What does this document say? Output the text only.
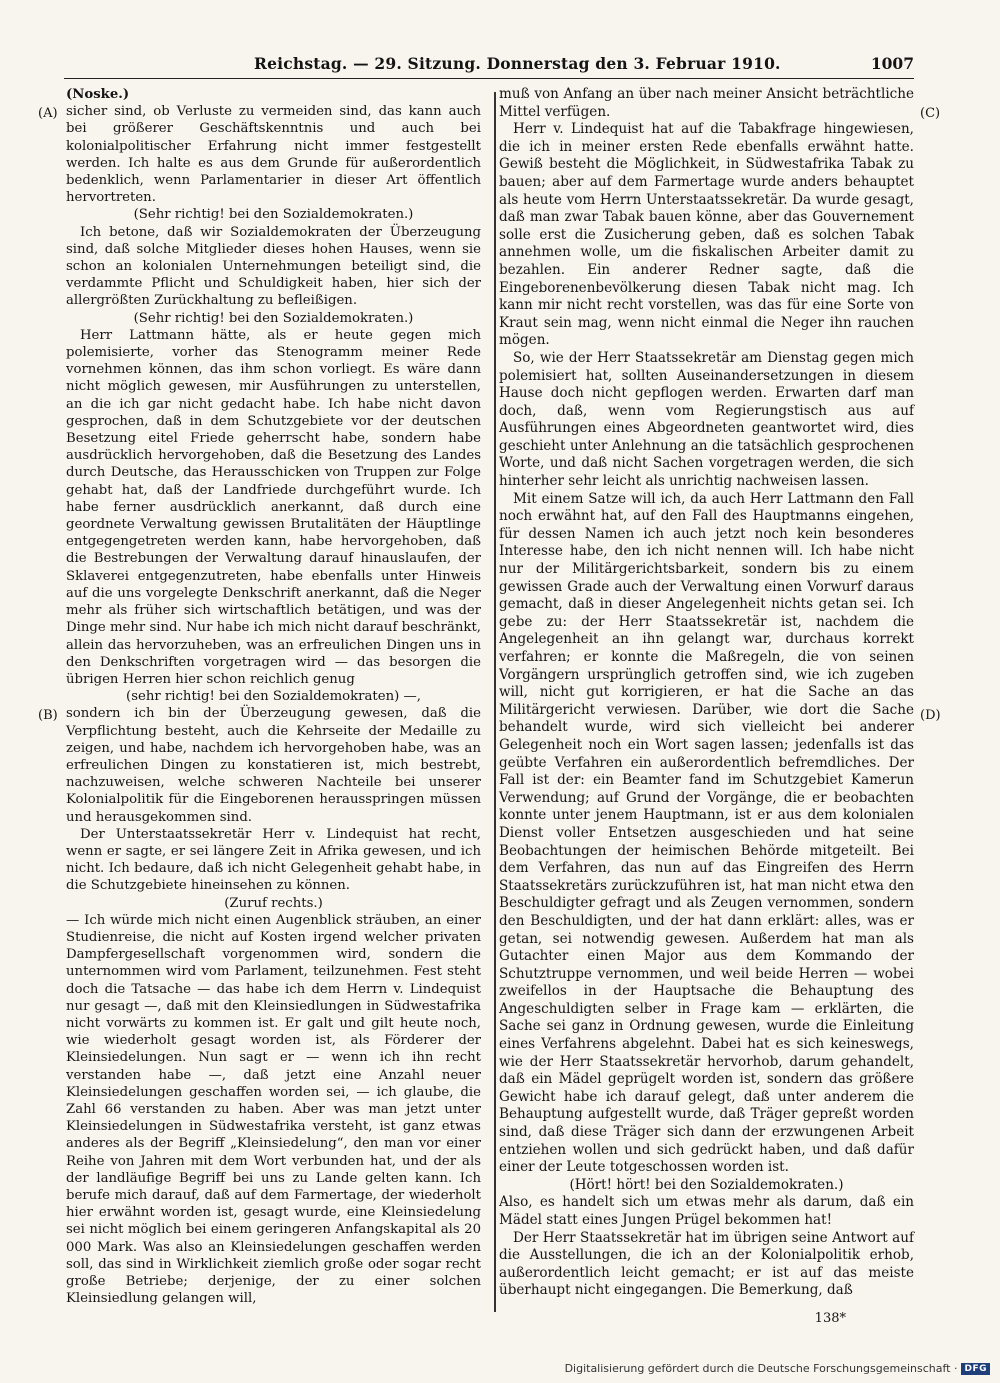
Reichstag. — 29. Sitzung. Donnerstag den 3. Februar 1910.	1007
(A)
(B)
(C)
(D)

(Noske.)

sicher sind, ob Verluste zu vermeiden sind, das kann auch bei größerer Geschäftskenntnis und auch bei kolonialpolitischer Erfahrung nicht immer festgestellt werden. Ich halte es aus dem Grunde für außerordentlich bedenklich, wenn Parlamentarier in dieser Art öffentlich hervortreten.

(Sehr richtig! bei den Sozialdemokraten.)

Ich betone, daß wir Sozialdemokraten der Überzeugung sind, daß solche Mitglieder dieses hohen Hauses, wenn sie schon an kolonialen Unternehmungen beteiligt sind, die verdammte Pflicht und Schuldigkeit haben, hier sich der allergrößten Zurückhaltung zu befleißigen.

(Sehr richtig! bei den Sozialdemokraten.)

Herr Lattmann hätte, als er heute gegen mich polemisierte, vorher das Stenogramm meiner Rede vornehmen können, das ihm schon vorliegt. Es wäre dann nicht möglich gewesen, mir Ausführungen zu unterstellen, an die ich gar nicht gedacht habe. Ich habe nicht davon gesprochen, daß in dem Schutzgebiete vor der deutschen Besetzung eitel Friede geherrscht habe, sondern habe ausdrücklich hervorgehoben, daß die Besetzung des Landes durch Deutsche, das Herausschicken von Truppen zur Folge gehabt hat, daß der Landfriede durchgeführt wurde. Ich habe ferner ausdrücklich anerkannt, daß durch eine geordnete Verwaltung gewissen Brutalitäten der Häuptlinge entgegengetreten werden kann, habe hervorgehoben, daß die Bestrebungen der Verwaltung darauf hinauslaufen, der Sklaverei entgegenzutreten, habe ebenfalls unter Hinweis auf die uns vorgelegte Denkschrift anerkannt, daß die Neger mehr als früher sich wirtschaftlich betätigen, und was der Dinge mehr sind. Nur habe ich mich nicht darauf beschränkt, allein das hervorzuheben, was an erfreulichen Dingen uns in den Denkschriften vorgetragen wird — das besorgen die übrigen Herren hier schon reichlich genug

(sehr richtig! bei den Sozialdemokraten) —,

sondern ich bin der Überzeugung gewesen, daß die Verpflichtung besteht, auch die Kehrseite der Medaille zu zeigen, und habe, nachdem ich hervorgehoben habe, was an erfreulichen Dingen zu konstatieren ist, mich bestrebt, nachzuweisen, welche schweren Nachteile bei unserer Kolonialpolitik für die Eingeborenen herausspringen müssen und herausgekommen sind.

Der Unterstaatssekretär Herr v. Lindequist hat recht, wenn er sagte, er sei längere Zeit in Afrika gewesen, und ich nicht. Ich bedaure, daß ich nicht Gelegenheit gehabt habe, in die Schutzgebiete hineinsehen zu können.

(Zuruf rechts.)

— Ich würde mich nicht einen Augenblick sträuben, an einer Studienreise, die nicht auf Kosten irgend welcher privaten Dampfergesellschaft vorgenommen wird, sondern die unternommen wird vom Parlament, teilzunehmen. Fest steht doch die Tatsache — das habe ich dem Herrn v. Lindequist nur gesagt —, daß mit den Kleinsiedlungen in Südwestafrika nicht vorwärts zu kommen ist. Er galt und gilt heute noch, wie wiederholt gesagt worden ist, als Förderer der Kleinsiedelungen. Nun sagt er — wenn ich ihn recht verstanden habe —, daß jetzt eine Anzahl neuer Kleinsiedelungen geschaffen worden sei, — ich glaube, die Zahl 66 verstanden zu haben. Aber was man jetzt unter Kleinsiedelungen in Südwestafrika versteht, ist ganz etwas anderes als der Begriff „Kleinsiedelung“, den man vor einer Reihe von Jahren mit dem Wort verbunden hat, und der als der landläufige Begriff bei uns zu Lande gelten kann. Ich berufe mich darauf, daß auf dem Farmertage, der wiederholt hier erwähnt worden ist, gesagt wurde, eine Kleinsiedelung sei nicht möglich bei einem geringeren Anfangskapital als 20 000 Mark. Was also an Kleinsiedelungen geschaffen werden soll, das sind in Wirklichkeit ziemlich große oder sogar recht große Betriebe; derjenige, der zu einer solchen Kleinsiedlung gelangen will,

muß von Anfang an über nach meiner Ansicht beträchtliche Mittel verfügen.

Herr v. Lindequist hat auf die Tabakfrage hingewiesen, die ich in meiner ersten Rede ebenfalls erwähnt hatte. Gewiß besteht die Möglichkeit, in Südwestafrika Tabak zu bauen; aber auf dem Farmertage wurde anders behauptet als heute vom Herrn Unterstaatssekretär. Da wurde gesagt, daß man zwar Tabak bauen könne, aber das Gouvernement solle erst die Zusicherung geben, daß es solchen Tabak annehmen wolle, um die fiskalischen Arbeiter damit zu bezahlen. Ein anderer Redner sagte, daß die Eingeborenenbevölkerung diesen Tabak nicht mag. Ich kann mir nicht recht vorstellen, was das für eine Sorte von Kraut sein mag, wenn nicht einmal die Neger ihn rauchen mögen.

So, wie der Herr Staatssekretär am Dienstag gegen mich polemisiert hat, sollten Auseinandersetzungen in diesem Hause doch nicht gepflogen werden. Erwarten darf man doch, daß, wenn vom Regierungstisch aus auf Ausführungen eines Abgeordneten geantwortet wird, dies geschieht unter Anlehnung an die tatsächlich gesprochenen Worte, und daß nicht Sachen vorgetragen werden, die sich hinterher sehr leicht als unrichtig nachweisen lassen.

Mit einem Satze will ich, da auch Herr Lattmann den Fall noch erwähnt hat, auf den Fall des Hauptmanns eingehen, für dessen Namen ich auch jetzt noch kein besonderes Interesse habe, den ich nicht nennen will. Ich habe nicht nur der Militärgerichtsbarkeit, sondern bis zu einem gewissen Grade auch der Verwaltung einen Vorwurf daraus gemacht, daß in dieser Angelegenheit nichts getan sei. Ich gebe zu: der Herr Staatssekretär ist, nachdem die Angelegenheit an ihn gelangt war, durchaus korrekt verfahren; er konnte die Maßregeln, die von seinen Vorgängern ursprünglich getroffen sind, wie ich zugeben will, nicht gut korrigieren, er hat die Sache an das Militärgericht verwiesen. Darüber, wie dort die Sache behandelt wurde, wird sich vielleicht bei anderer Gelegenheit noch ein Wort sagen lassen; jedenfalls ist das geübte Verfahren ein außerordentlich befremdliches. Der Fall ist der: ein Beamter fand im Schutzgebiet Kamerun Verwendung; auf Grund der Vorgänge, die er beobachten konnte unter jenem Hauptmann, ist er aus dem kolonialen Dienst voller Entsetzen ausgeschieden und hat seine Beobachtungen der heimischen Behörde mitgeteilt. Bei dem Verfahren, das nun auf das Eingreifen des Herrn Staatssekretärs zurückzuführen ist, hat man nicht etwa den Beschuldigter gefragt und als Zeugen vernommen, sondern den Beschuldigten, und der hat dann erklärt: alles, was er getan, sei notwendig gewesen. Außerdem hat man als Gutachter einen Major aus dem Kommando der Schutztruppe vernommen, und weil beide Herren — wobei zweifellos in der Hauptsache die Behauptung des Angeschuldigten selber in Frage kam — erklärten, die Sache sei ganz in Ordnung gewesen, wurde die Einleitung eines Verfahrens abgelehnt. Dabei hat es sich keineswegs, wie der Herr Staatssekretär hervorhob, darum gehandelt, daß ein Mädel geprügelt worden ist, sondern das größere Gewicht habe ich darauf gelegt, daß unter anderem die Behauptung aufgestellt wurde, daß Träger gepreßt worden sind, daß diese Träger sich dann der erzwungenen Arbeit entziehen wollen und sich gedrückt haben, und daß dafür einer der Leute totgeschossen worden ist.

(Hört! hört! bei den Sozialdemokraten.)

Also, es handelt sich um etwas mehr als darum, daß ein Mädel statt eines Jungen Prügel bekommen hat!

Der Herr Staatssekretär hat im übrigen seine Antwort auf die Ausstellungen, die ich an der Kolonialpolitik erhob, außerordentlich leicht gemacht; er ist auf das meiste überhaupt nicht eingegangen. Die Bemerkung, daß

138*
Digitalisierung gefördert durch die Deutsche Forschungsgemeinschaft · DFG
